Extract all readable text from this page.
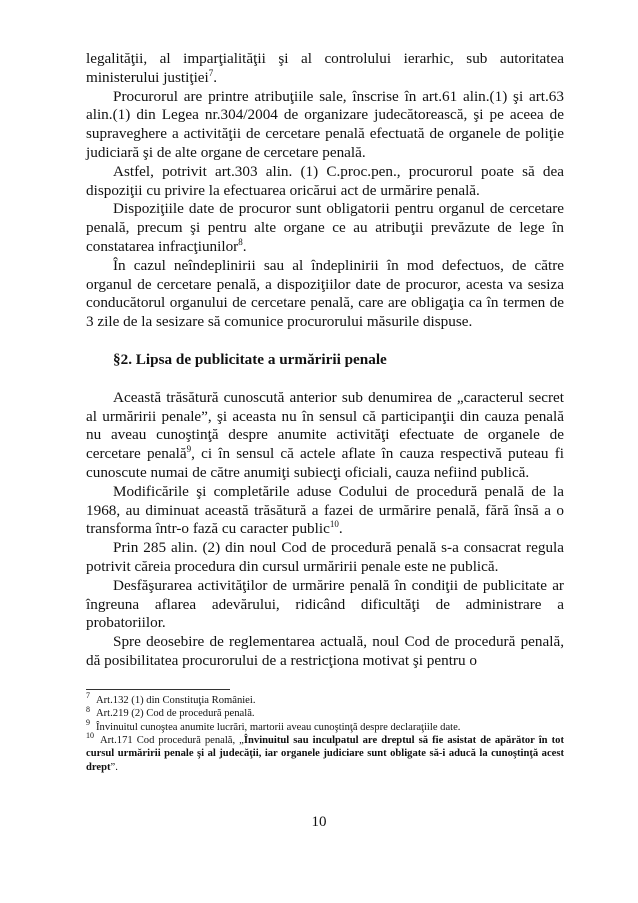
legalităţii, al imparţialităţii şi al controlului ierarhic, sub autoritatea ministerului justiţiei$^7$.

Procurorul are printre atribuţiile sale, înscrise în art.61 alin.(1) şi art.63 alin.(1) din Legea nr.304/2004 de organizare judecătorească, şi pe aceea de supraveghere a activităţii de cercetare penală efectuată de organele de poliţie judiciară şi de alte organe de cercetare penală.

Astfel, potrivit art.303 alin. (1) C.proc.pen., procurorul poate să dea dispoziţii cu privire la efectuarea oricărui act de urmărire penală.

Dispoziţiile date de procuror sunt obligatorii pentru organul de cercetare penală, precum şi pentru alte organe ce au atribuţii prevăzute de lege în constatarea infracţiunilor$^8$.

În cazul neîndeplinirii sau al îndeplinirii în mod defectuos, de către organul de cercetare penală, a dispoziţiilor date de procuror, acesta va sesiza conducătorul organului de cercetare penală, care are obligaţia ca în termen de 3 zile de la sesizare să comunice procurorului măsurile dispuse.

§2. Lipsa de publicitate a urmăririi penale

Această trăsătură cunoscută anterior sub denumirea de „caracterul secret al urmăririi penale”, şi aceasta nu în sensul că participanţii din cauza penală nu aveau cunoştinţă despre anumite activităţi efectuate de organele de cercetare penală$^9$, ci în sensul că actele aflate în cauza respectivă puteau fi cunoscute numai de către anumiţi subiecţi oficiali, cauza nefiind publică.

Modificările şi completările aduse Codului de procedură penală de la 1968, au diminuat această trăsătură a fazei de urmărire penală, fără însă a o transforma într-o fază cu caracter public$^{10}$.

Prin 285 alin. (2) din noul Cod de procedură penală s-a consacrat regula potrivit căreia procedura din cursul urmăririi penale este ne publică.

Desfăşurarea activităţilor de urmărire penală în condiţii de publicitate ar îngreuna aflarea adevărului, ridicând dificultăţi de administrare a probatoriilor.

Spre deosebire de reglementarea actuală, noul Cod de procedură penală, dă posibilitatea procurorului de a restricţiona motivat şi pentru o

$^7$ Art.132 (1) din Constituţia României.
$^8$ Art.219 (2) Cod de procedură penală.
$^9$ Învinuitul cunoştea anumite lucrări, martorii aveau cunoştinţă despre declaraţiile date.
$^{10}$ Art.171 Cod procedură penală, „Învinuitul sau inculpatul are dreptul să fie asistat de apărător în tot cursul urmăririi penale şi al judecăţii, iar organele judiciare sunt obligate să-i aducă la cunoştinţă acest drept”.
10
